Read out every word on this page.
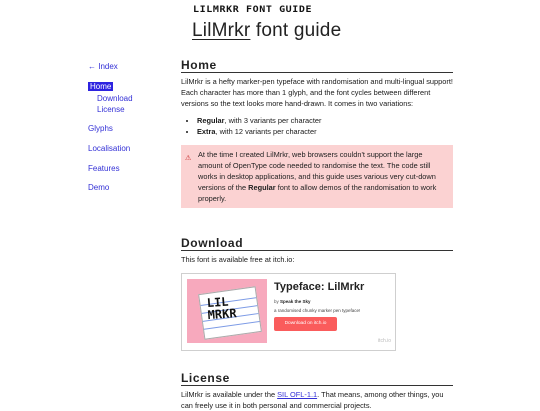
LILMRKR FONT GUIDE
LilMrkr font guide
← Index
Home
Download
License
Glyphs
Localisation
Features
Demo
Home

LilMrkr is a hefty marker-pen typeface with randomisation and multi-lingual support! Each character has more than 1 glyph, and the font cycles between different versions so the text looks more hand-drawn. It comes in two variations:

• Regular, with 3 variants per character
• Extra, with 12 variants per character
⚠ At the time I created LilMrkr, web browsers couldn't support the large amount of OpenType code needed to randomise the text. The code still works in desktop applications, and this guide uses various very cut-down versions of the Regular font to allow demos of the randomisation to work properly.
Download

This font is available free at itch.io:

LIL
MRKR
Typeface: LilMrkr
by Speak the Sky
a randomised chunky marker pen typeface!
Download on itch.io
itch.io
License

LilMrkr is available under the SIL OFL-1.1. That means, among other things, you can freely use it in both personal and commercial projects.
